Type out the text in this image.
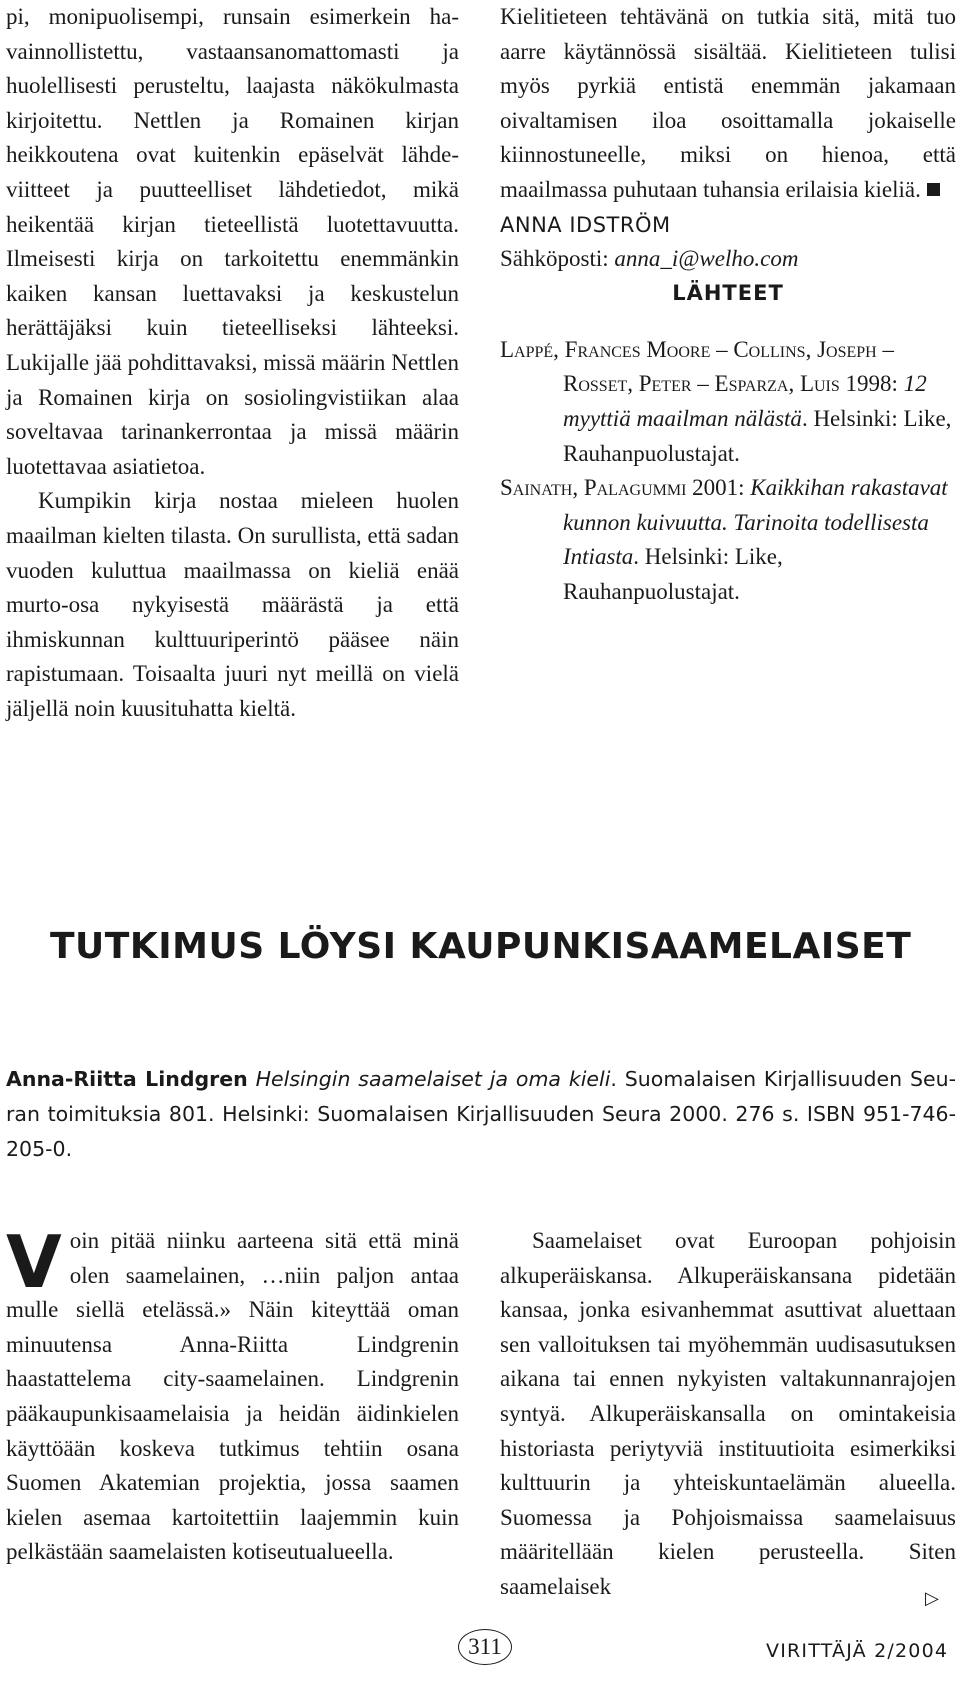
pi, monipuolisempi, runsain esimerkein havainnollistettu, vastaansanomattomasti ja huolellisesti perusteltu, laajasta näkökulmasta kirjoitettu. Nettlen ja Romainen kirjan heikkoutena ovat kuitenkin epäselvät lähdeviitteet ja puutteelliset lähdetiedot, mikä heikentää kirjan tieteellistä luotettavuutta. Ilmeisesti kirja on tarkoitettu enemmänkin kaiken kansan luettavaksi ja keskustelun herättäjäksi kuin tieteelliseksi lähteeksi. Lukijalle jää pohdittavaksi, missä määrin Nettlen ja Romainen kirja on sosiolingvistiikan alaa soveltavaa tarinankerrontaa ja missä määrin luotettavaa asiatietoa.

Kumpikin kirja nostaa mieleen huolen maailman kielten tilasta. On surullista, että sadan vuoden kuluttua maailmassa on kieliä enää murto-osa nykyisestä määrästä ja että ihmiskunnan kulttuuriperintö pääsee näin rapistumaan. Toisaalta juuri nyt meillä on vielä jäljellä noin kuusituhatta kieltä.

Kielitieteen tehtävänä on tutkia sitä, mitä tuo aarre käytännössä sisältää. Kielitieteen tulisi myös pyrkiä entistä enemmän jakamaan oivaltamisen iloa osoittamalla jokaiselle kiinnostuneelle, miksi on hienoa, että maailmassa puhutaan tuhansia erilaisia kieliä.

ANNA IDSTRÖM

Sähköposti: anna_i@welho.com

LÄHTEET

Lappé, Frances Moore – Collins, Joseph – Rosset, Peter – Esparza, Luis 1998: 12 myyttiä maailman nälästä. Helsinki: Like, Rauhanpuolustajat.

Sainath, Palagummi 2001: Kaikkihan rakastavat kunnon kuivuutta. Tarinoita todellisesta Intiasta. Helsinki: Like, Rauhanpuolustajat.

TUTKIMUS LÖYSI KAUPUNKISAAMELAISET

Anna-Riitta Lindgren Helsingin saamelaiset ja oma kieli. Suomalaisen Kirjallisuuden Seuran toimituksia 801. Helsinki: Suomalaisen Kirjallisuuden Seura 2000. 276 s. ISBN 951-746-205-0.

Voin pitää niinku aarteena sitä että minä olen saamelainen, …niin paljon antaa mulle siellä etelässä.» Näin kiteyttää oman minuutensa Anna-Riitta Lindgrenin haastattelema city-saamelainen. Lindgrenin pääkaupunkisaamelaisia ja heidän äidinkielen käyttöään koskeva tutkimus tehtiin osana Suomen Akatemian projektia, jossa saamen kielen asemaa kartoitettiin laajemmin kuin pelkästään saamelaisten kotiseutualueella.

Saamelaiset ovat Euroopan pohjoisin alkuperäiskansa. Alkuperäiskansana pidetään kansaa, jonka esivanhemmat asuttivat aluettaan sen valloituksen tai myöhemmän uudisasutuksen aikana tai ennen nykyisten valtakunnanrajojen syntyä. Alkuperäiskansalla on omintakeisia historiasta periytyviä instituutioita esimerkiksi kulttuurin ja yhteiskuntaelämän alueella. Suomessa ja Pohjoismaissa saamelaisuus määritellään kielen perusteella. Siten saamelaisek	▷
311	VIRITTÄJÄ 2/2004
